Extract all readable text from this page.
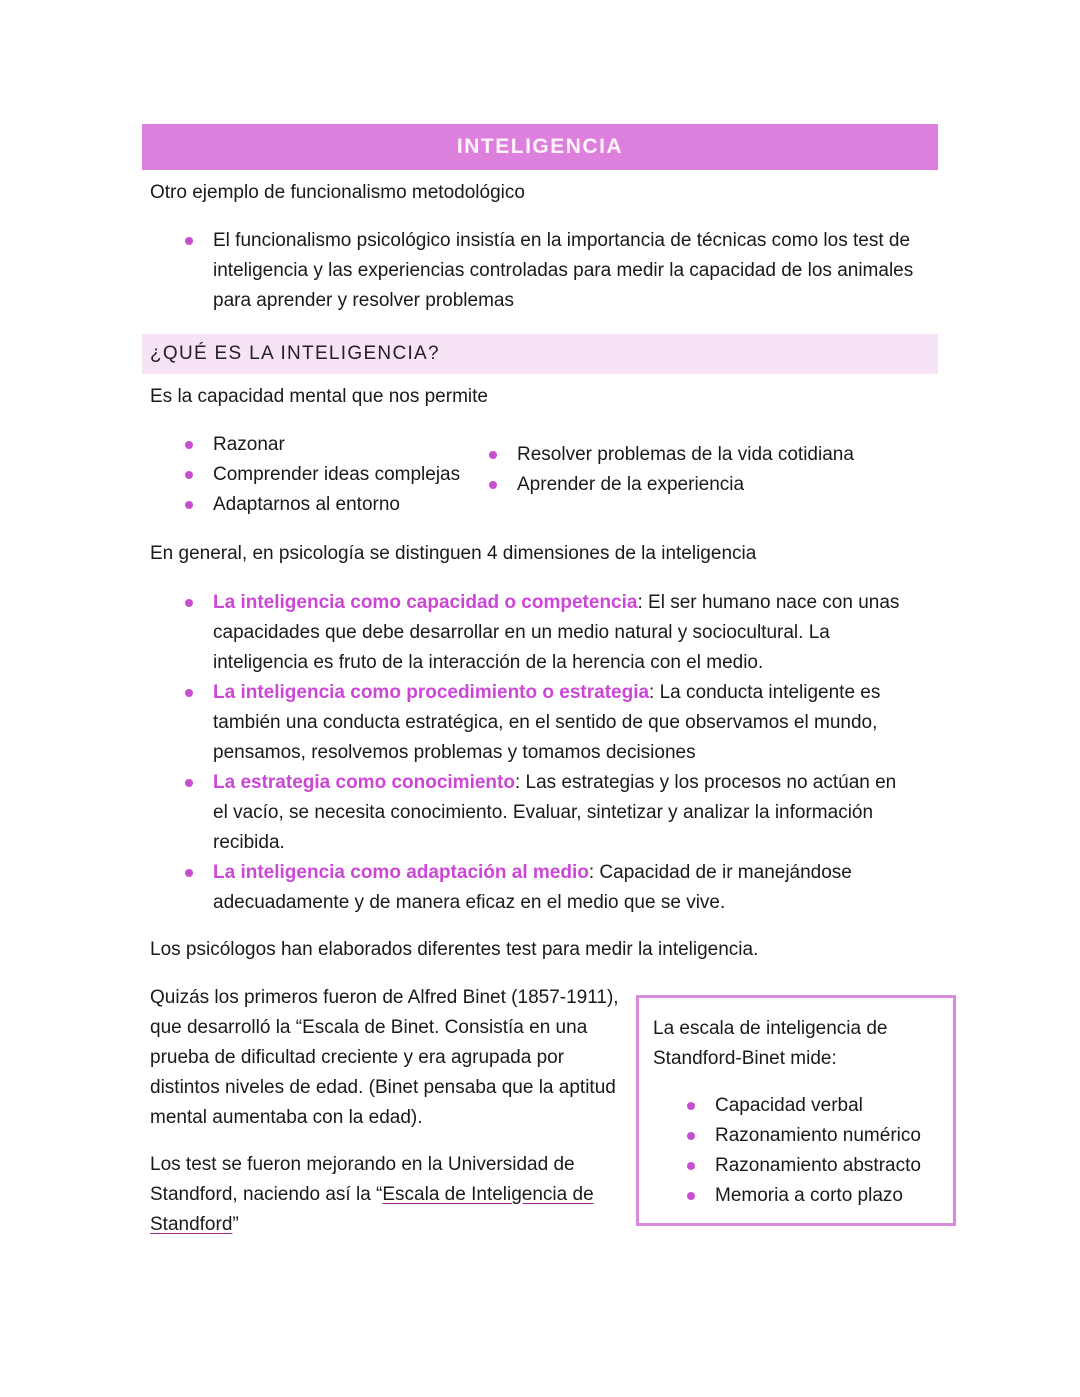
INTELIGENCIA

Otro ejemplo de funcionalismo metodológico

El funcionalismo psicológico insistía en la importancia de técnicas como los test de inteligencia y las experiencias controladas para medir la capacidad de los animales para aprender y resolver problemas
¿QUÉ ES LA INTELIGENCIA?

Es la capacidad mental que nos permite

Razonar
Comprender ideas complejas
Adaptarnos al entorno
Resolver problemas de la vida cotidiana
Aprender de la experiencia

En general, en psicología se distinguen 4 dimensiones de la inteligencia

La inteligencia como capacidad o competencia: El ser humano nace con unas capacidades que debe desarrollar en un medio natural y sociocultural. La inteligencia es fruto de la interacción de la herencia con el medio.
La inteligencia como procedimiento o estrategia: La conducta inteligente es también una conducta estratégica, en el sentido de que observamos el mundo, pensamos, resolvemos problemas y tomamos decisiones
La estrategia como conocimiento: Las estrategias y los procesos no actúan en el vacío, se necesita conocimiento. Evaluar, sintetizar y analizar la información recibida.
La inteligencia como adaptación al medio: Capacidad de ir manejándose adecuadamente y de manera eficaz en el medio que se vive.

Los psicólogos han elaborados diferentes test para medir la inteligencia.

Quizás los primeros fueron de Alfred Binet (1857-1911), que desarrolló la “Escala de Binet. Consistía en una prueba de dificultad creciente y era agrupada por distintos niveles de edad. (Binet pensaba que la aptitud mental aumentaba con la edad).

Los test se fueron mejorando en la Universidad de Standford, naciendo así la “Escala de Inteligencia de Standford”

La escala de inteligencia de Standford-Binet mide:

Capacidad verbal
Razonamiento numérico
Razonamiento abstracto
Memoria a corto plazo
